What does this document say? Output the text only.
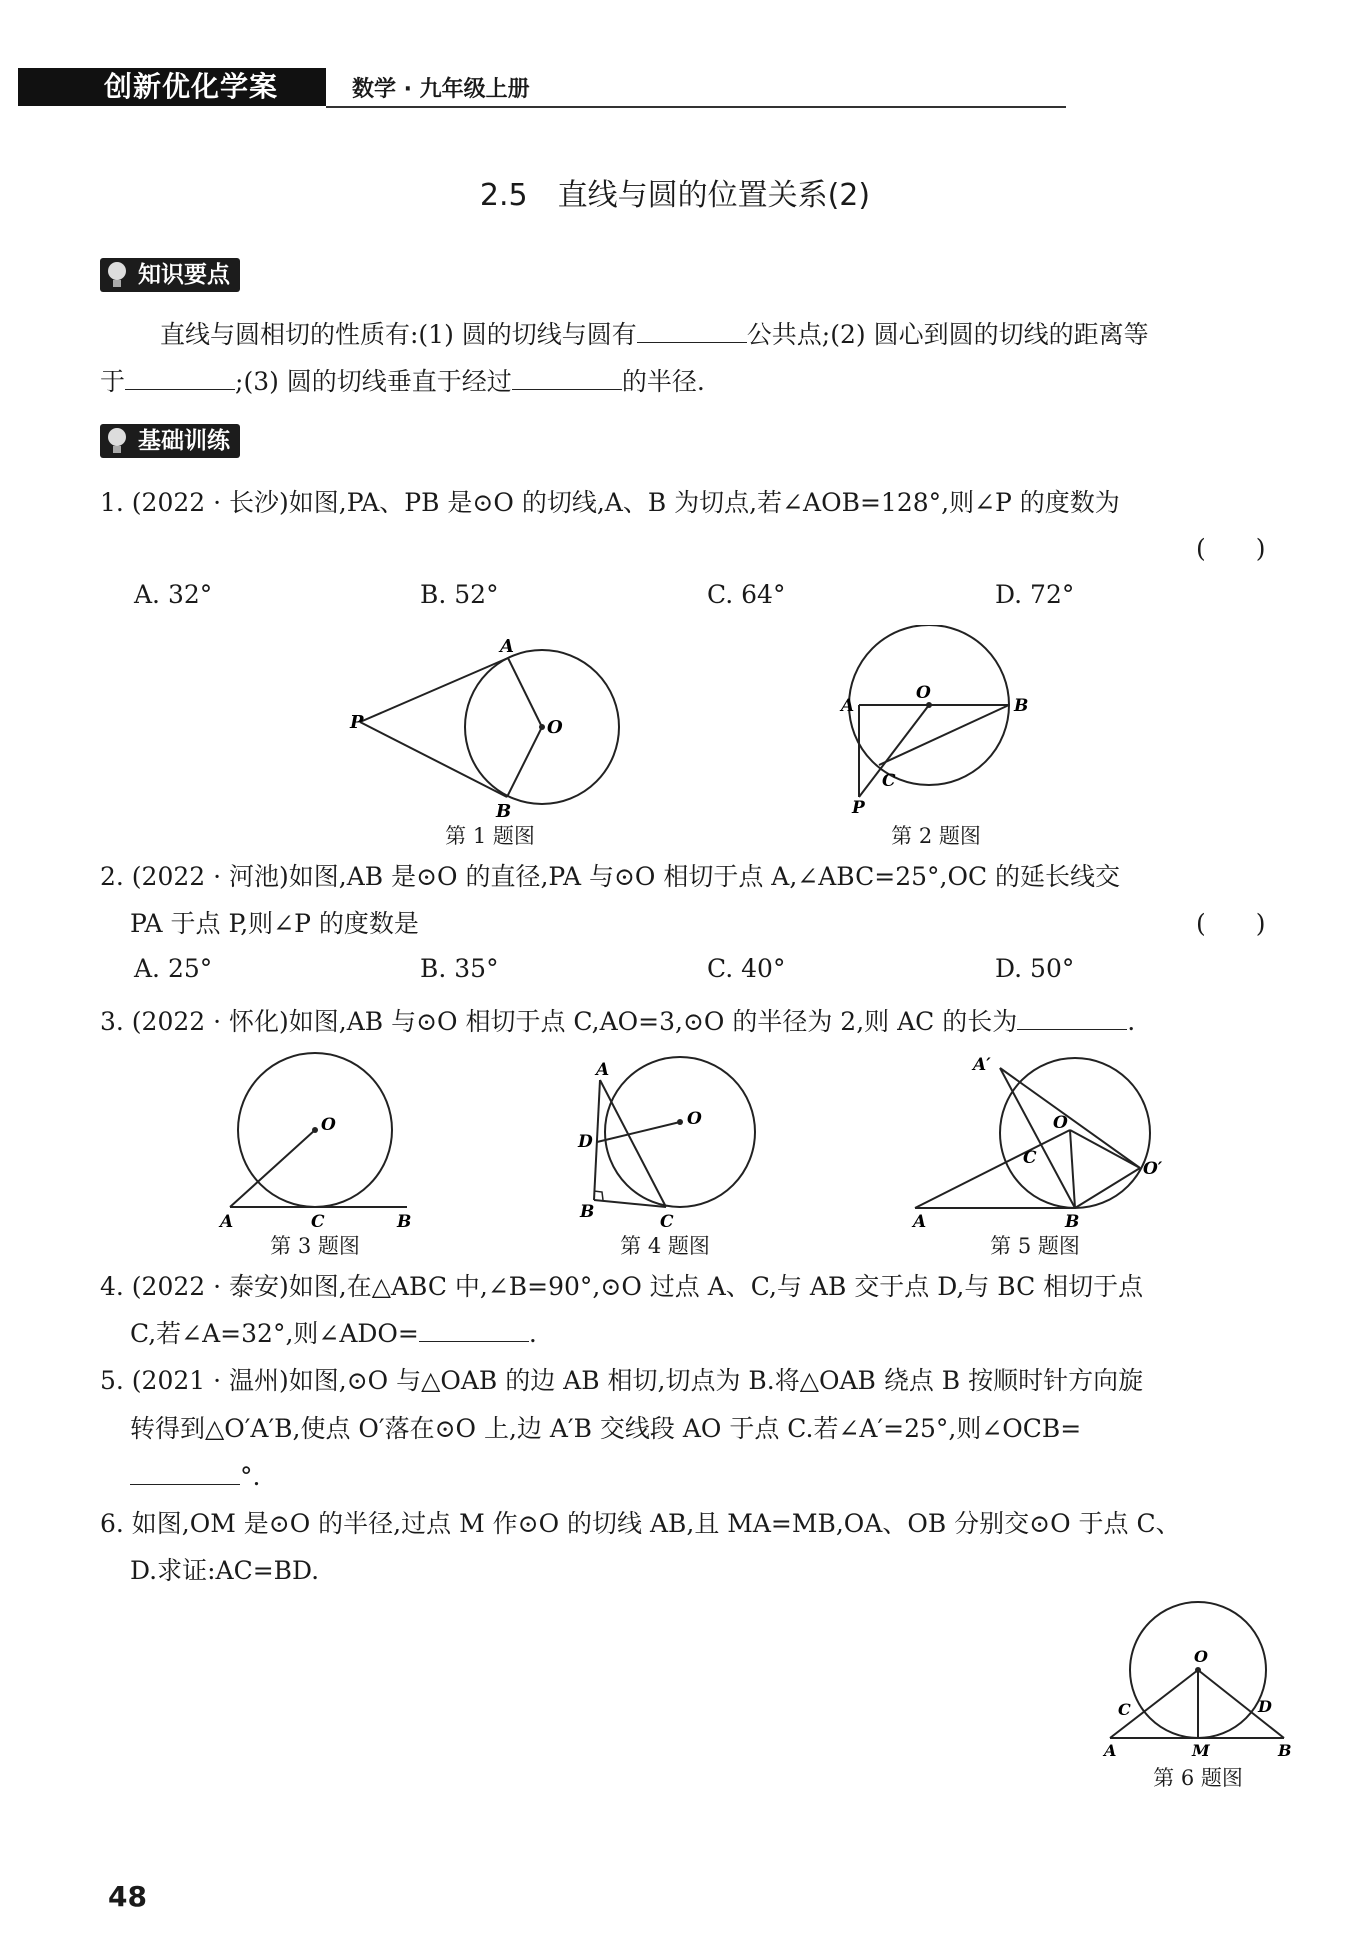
创新优化学案	数学 · 九年级上册
2.5　直线与圆的位置关系(2)
知识要点
直线与圆相切的性质有:(1) 圆的切线与圆有	公共点;(2) 圆心到圆的切线的距离等
于	;(3) 圆的切线垂直于经过	的半径.
基础训练
1. (2022 · 长沙)如图,PA、PB 是⊙O 的切线,A、B 为切点,若∠AOB=128°,则∠P 的度数为
(　　)
A. 32°	B. 52°	C. 64°	D. 72°
A
B
P	O
第 1 题图
A	B
O
C
P
第 2 题图
2. (2022 · 河池)如图,AB 是⊙O 的直径,PA 与⊙O 相切于点 A,∠ABC=25°,OC 的延长线交
PA 于点 P,则∠P 的度数是	(　　)
A. 25°	B. 35°	C. 40°	D. 50°
3. (2022 · 怀化)如图,AB 与⊙O 相切于点 C,AO=3,⊙O 的半径为 2,则 AC 的长为	.
O
A	C	B
第 3 题图
A
D
B	C
O
第 4 题图
A′
O
C
O′
A	B
第 5 题图
4. (2022 · 泰安)如图,在△ABC 中,∠B=90°,⊙O 过点 A、C,与 AB 交于点 D,与 BC 相切于点
C,若∠A=32°,则∠ADO=	.
5. (2021 · 温州)如图,⊙O 与△OAB 的边 AB 相切,切点为 B.将△OAB 绕点 B 按顺时针方向旋
转得到△O′A′B,使点 O′落在⊙O 上,边 A′B 交线段 AO 于点 C.若∠A′=25°,则∠OCB=
°.
6. 如图,OM 是⊙O 的半径,过点 M 作⊙O 的切线 AB,且 MA=MB,OA、OB 分别交⊙O 于点 C、
D.求证:AC=BD.
O
C	D
A	M	B
第 6 题图
48
